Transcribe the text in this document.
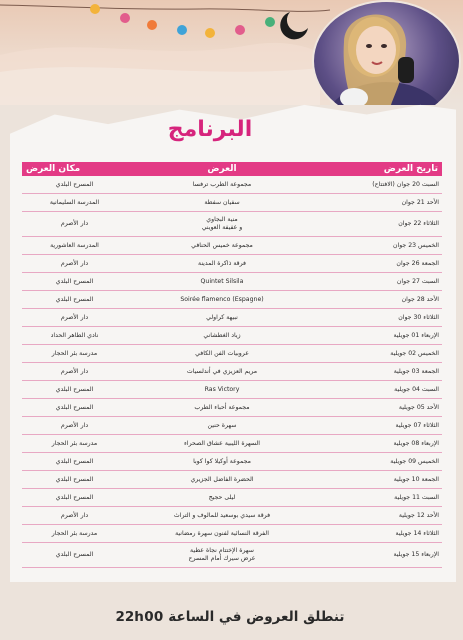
البرنامج
تاريخ العرض	العرض	مكان العرض
السبت 20 جوان (الافتتاح)	مجموعة الطرب ترفسا	المسرح البلدي
الأحد 21 جوان	سفيان سفطة	المدرسة السليمانية
الثلاثاء 22 جوان	منية البجاوي
و عفيفة العويني	دار الأصرم
الخميس 23 جوان	مجموعة خميس الحنافي	المدرسة العاشورية
الجمعة 26 جوان	فرقة ذاكرة المدينة	دار الأصرم
السبت 27 جوان	Quintet Silsila	المسرح البلدي
الأحد 28 جوان	Soirée flamenco (Espagne)	المسرح البلدي
الثلاثاء 30 جوان	نبيهة كراولي	دار الأصرم
الإربعاء 01 جويلية	زياد الغطشاني	نادي الطاهر الحداد
الخميس 02 جويلية	عروبيات الفن الكافي	مدرسة بئر الحجار
الجمعة 03 جويلية	مريم العزيزي في أندلسيات	دار الأصرم
السبت 04 جويلية	Ras Victory	المسرح البلدي
الأحد 05 جويلية	مجموعة أحباء الطرب	المسرح البلدي
الثلاثاء 07 جويلية	سهرة حنين	دار الأصرم
الإربعاء 08 جويلية	السهرة الليبية عشاق الصحراء	مدرسة بئر الحجار
الخميس 09 جويلية	مجموعة أوكيلا كوا كوبا	المسرح البلدي
الجمعة 10 جويلية	الحضرة الفاضل الجزيري	المسرح البلدي
السبت 11 جويلية	ليلى حجيج	المسرح البلدي
الأحد 12 جويلية	فرقة سيدي بوسعيد للمالوف و التراث	دار الأصرم
الثلاثاء 14 جويلية	الفرقة النسائية لفنون سهرة رمضانية	مدرسة بئر الحجار
الإربعاء 15 جويلية	سهرة الإختتام نجاة عطية
عرض سيرك أمام المسرح	المسرح البلدي
تنطلق العروض في الساعة 22h00
